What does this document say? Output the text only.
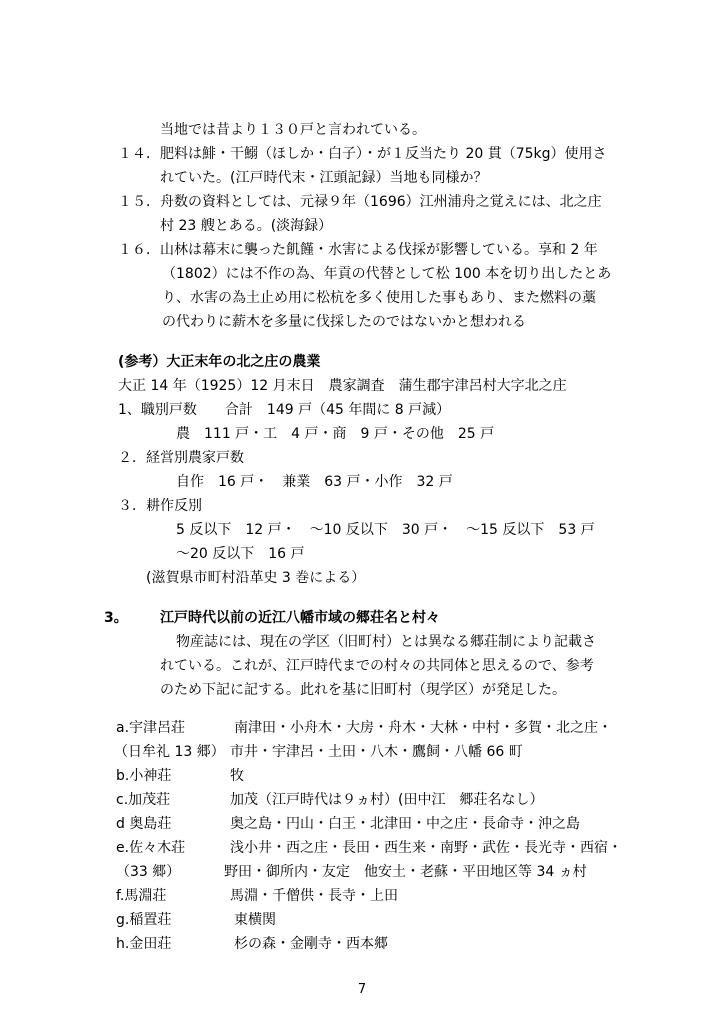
当地では昔より１３０戸と言われている。
１４．肥料は鯡・干鰯（ほしか・白子）・が１反当たり 20 貫（75kg）使用さ
れていた。(江戸時代末・江頭記録）当地も同様か？
１５．舟数の資料としては、元禄９年（1696）江州浦舟之覚えには、北之庄
村 23 艘とある。(淡海録）
１６．山林は幕末に襲った飢饉・水害による伐採が影響している。享和 2 年
（1802）には不作の為、年貢の代替として松 100 本を切り出したとあ
り、水害の為土止め用に松杭を多く使用した事もあり、また燃料の藁
の代わりに薪木を多量に伐採したのではないかと想われる
(参考）大正末年の北之庄の農業
大正 14 年（1925）12 月末日　農家調査　蒲生郡宇津呂村大字北之庄
1、職別戸数　　合計　149 戸（45 年間に 8 戸減）
農　111 戸・工　4 戸・商　9 戸・その他　25 戸
２．経営別農家戸数
自作　16 戸・　兼業　63 戸・小作　32 戸
３．耕作反別
5 反以下　12 戸・　～10 反以下　30 戸・　～15 反以下　53 戸
～20 反以下　16 戸
(滋賀県市町村沿革史 3 巻による）
3。 江戸時代以前の近江八幡市域の郷荘名と村々
物産誌には、現在の学区（旧町村）とは異なる郷荘制により記載さ
れている。これが、江戸時代までの村々の共同体と思えるので、参考
のため下記に記する。此れを基に旧町村（現学区）が発足した。
a.宇津呂荘	南津田・小舟木・大房・舟木・大林・中村・多賀・北之庄・
（日牟礼 13 郷） 市井・宇津呂・土田・八木・鷹飼・八幡 66 町
b.小神荘	牧
c.加茂荘	加茂（江戸時代は９ヵ村）(田中江　郷荘名なし）
d 奥島荘	奥之島・円山・白王・北津田・中之庄・長命寺・沖之島
e.佐々木荘	浅小井・西之庄・長田・西生来・南野・武佐・長光寺・西宿・
（33 郷）	野田・御所内・友定　他安土・老蘇・平田地区等 34 ヵ村
f.馬淵荘	馬淵・千僧供・長寺・上田
g.稲置荘	東横関
h.金田荘	杉の森・金剛寺・西本郷
7
